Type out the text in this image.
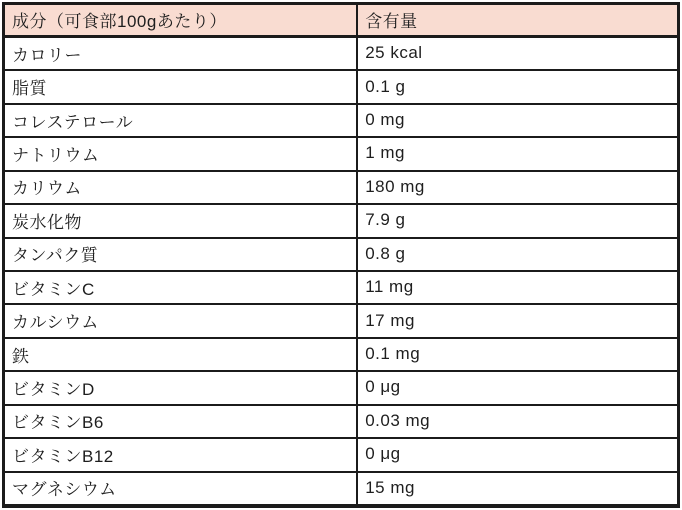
成分（可食部100gあたり）	含有量
カロリー	25 kcal
脂質	0.1 g
コレステロール	0 mg
ナトリウム	1 mg
カリウム	180 mg
炭水化物	7.9 g
タンパク質	0.8 g
ビタミンC	11 mg
カルシウム	17 mg
鉄	0.1 mg
ビタミンD	0 μg
ビタミンB6	0.03 mg
ビタミンB12	0 μg
マグネシウム	15 mg
